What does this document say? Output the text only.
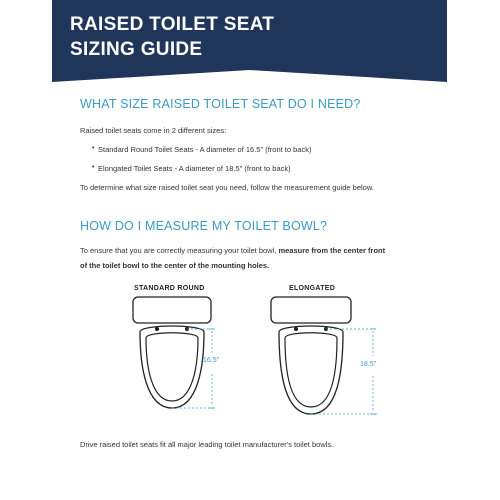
RAISED TOILET SEAT
SIZING GUIDE
WHAT SIZE RAISED TOILET SEAT DO I NEED?
Raised toilet seats come in 2 different sizes:
• Standard Round Toilet Seats - A diameter of 16.5" (front to back)
• Elongated Toilet Seats - A diameter of 18.5" (front to back)
To determine what size raised toilet seat you need, follow the measurement guide below.
HOW DO I MEASURE MY TOILET BOWL?
To ensure that you are correctly measuring your toilet bowl, measure from the center front
of the toilet bowl to the center of the mounting holes.
STANDARD ROUND	ELONGATED
16.5"
18.5"
Drive raised toilet seats fit all major leading toilet manufacturer's toilet bowls.
